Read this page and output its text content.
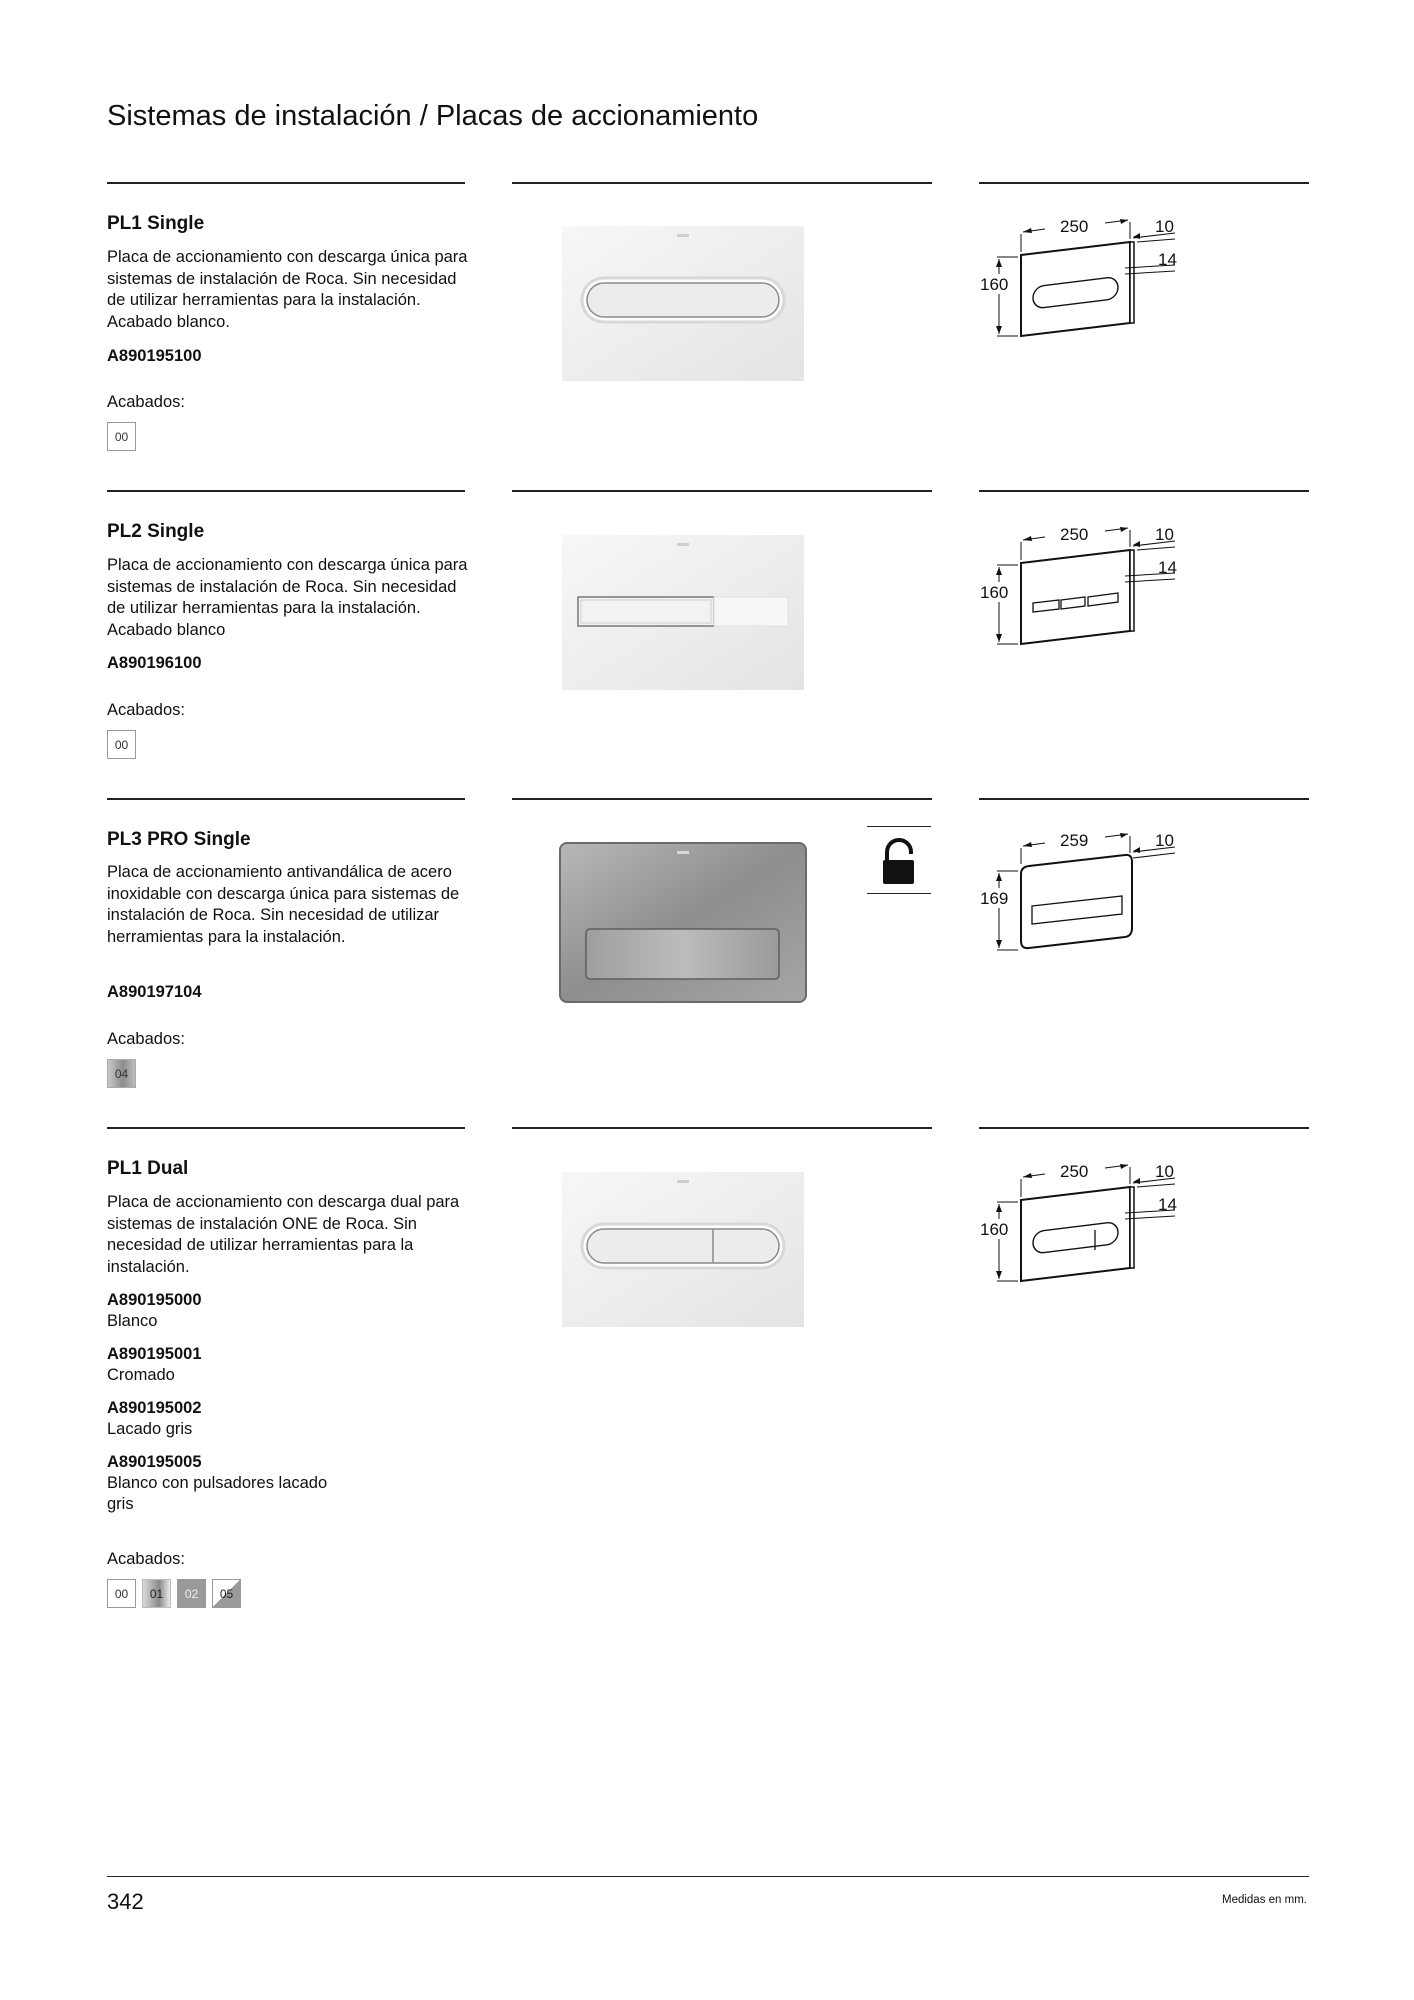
Sistemas de instalación / Placas de accionamiento
PL1 Single

Placa de accionamiento con descarga única para sistemas de instalación de Roca. Sin necesidad de utilizar herramientas para la instalación. Acabado blanco.

A890195100
Acabados:
00
250
160
10
14
PL2 Single

Placa de accionamiento con descarga única para sistemas de instalación de Roca. Sin necesidad de utilizar herramientas para la instalación. Acabado blanco

A890196100
Acabados:
00
250
160
10
14
PL3 PRO Single

Placa de accionamiento antivandálica de acero inoxidable con descarga única para sistemas de instalación de Roca. Sin necesidad de utilizar herramientas para la instalación.

A890197104
Acabados:
04
259
169
10
PL1 Dual

Placa de accionamiento con descarga dual para sistemas de instalación ONE de Roca. Sin necesidad de utilizar herramientas para la instalación.

A890195000
Blanco
A890195001
Cromado
A890195002
Lacado gris
A890195005
Blanco con pulsadores lacado gris
Acabados:
00	01	02	05
250
160
10
14
342	Medidas en mm.
